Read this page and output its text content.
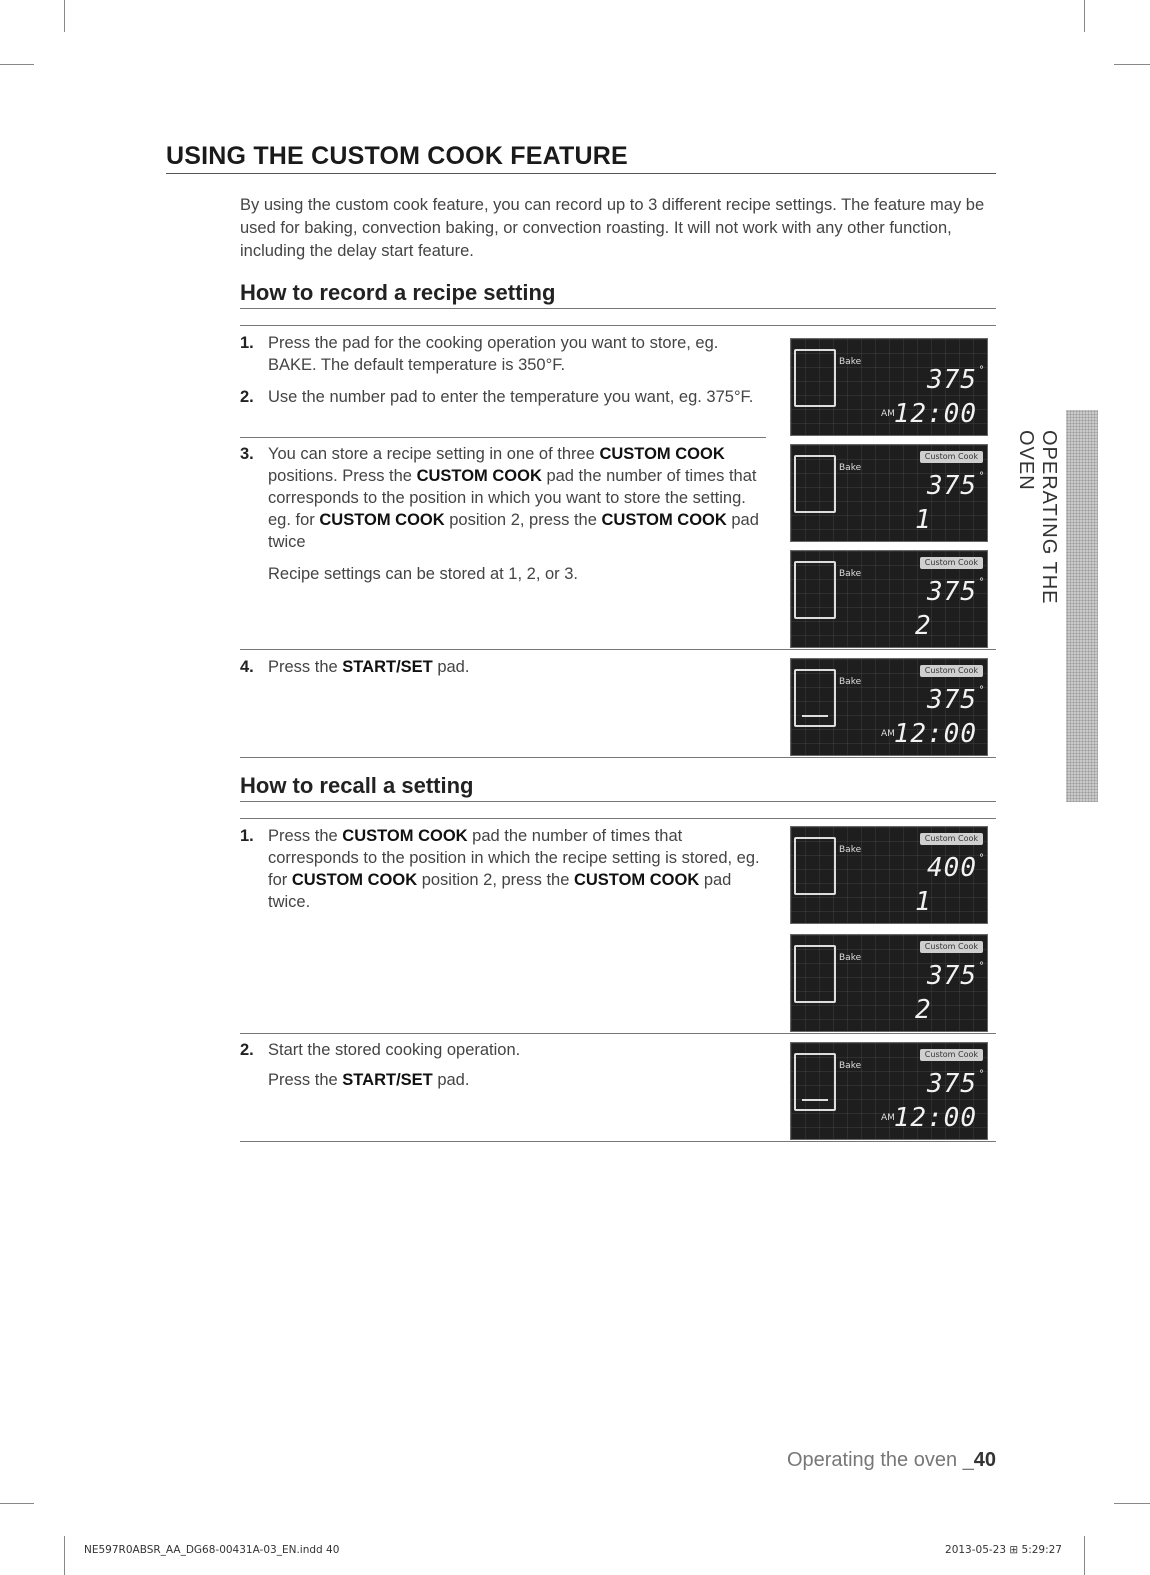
USING THE CUSTOM COOK FEATURE

By using the custom cook feature, you can record up to 3 different recipe settings. The feature may be used for baking, convection baking, or convection roasting. It will not work with any other function, including the delay start feature.

How to record a recipe setting
1. Press the pad for the cooking operation you want to store, eg. BAKE. The default temperature is 350°F.

2. Use the number pad to enter the temperature you want, eg. 375°F.

3. You can store a recipe setting in one of three CUSTOM COOK positions. Press the CUSTOM COOK pad the number of times that corresponds to the position in which you want to store the setting. eg. for CUSTOM COOK position 2, press the CUSTOM COOK pad twice

Recipe settings can be stored at 1, 2, or 3.

4. Press the START/SET pad.

How to recall a setting
1. Press the CUSTOM COOK pad the number of times that corresponds to the position in which the recipe setting is stored, eg. for CUSTOM COOK position 2, press the CUSTOM COOK pad twice.

2. Start the stored cooking operation.

Press the START/SET pad.

Bake
375 °
AM
12:00
Bake
Custom Cook
375 °
1
Bake
Custom Cook
375 °
2
Bake
Custom Cook
375 °
AM
12:00
Bake
Custom Cook
400 °
1
Bake
Custom Cook
375 °
2
Bake
Custom Cook
375 °
AM
12:00
OPERATING THE OVEN
Operating the oven _40
NE597R0ABSR_AA_DG68-00431A-03_EN.indd 40	2013-05-23 ⊞ 5:29:27
